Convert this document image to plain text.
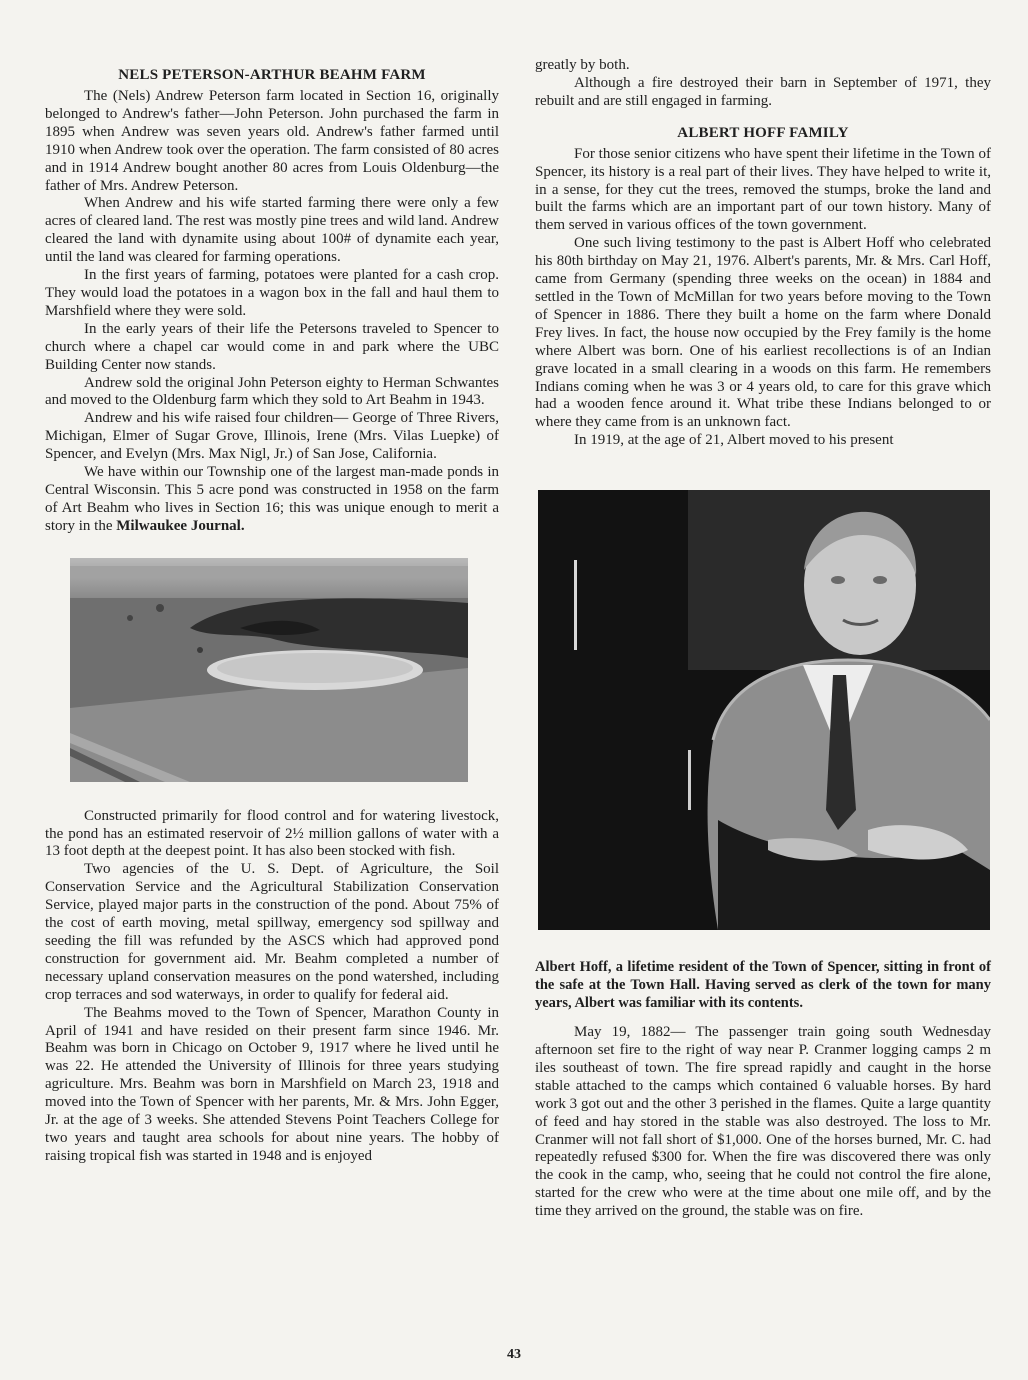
NELS PETERSON-ARTHUR BEAHM FARM

The (Nels) Andrew Peterson farm located in Section 16, originally belonged to Andrew's father—John Peterson. John purchased the farm in 1895 when Andrew was seven years old. Andrew's father farmed until 1910 when Andrew took over the operation. The farm consisted of 80 acres and in 1914 Andrew bought another 80 acres from Louis Oldenburg—the father of Mrs. Andrew Peterson.

When Andrew and his wife started farming there were only a few acres of cleared land. The rest was mostly pine trees and wild land. Andrew cleared the land with dynamite using about 100# of dynamite each year, until the land was cleared for farming operations.

In the first years of farming, potatoes were planted for a cash crop. They would load the potatoes in a wagon box in the fall and haul them to Marshfield where they were sold.

In the early years of their life the Petersons traveled to Spencer to church where a chapel car would come in and park where the UBC Building Center now stands.

Andrew sold the original John Peterson eighty to Herman Schwantes and moved to the Oldenburg farm which they sold to Art Beahm in 1943.

Andrew and his wife raised four children— George of Three Rivers, Michigan, Elmer of Sugar Grove, Illinois, Irene (Mrs. Vilas Luepke) of Spencer, and Evelyn (Mrs. Max Nigl, Jr.) of San Jose, California.

We have within our Township one of the largest man-made ponds in Central Wisconsin. This 5 acre pond was constructed in 1958 on the farm of Art Beahm who lives in Section 16; this was unique enough to merit a story in the Milwaukee Journal.

Constructed primarily for flood control and for watering livestock, the pond has an estimated reservoir of 2½ million gallons of water with a 13 foot depth at the deepest point. It has also been stocked with fish.

Two agencies of the U. S. Dept. of Agriculture, the Soil Conservation Service and the Agricultural Stabilization Conservation Service, played major parts in the construction of the pond. About 75% of the cost of earth moving, metal spillway, emergency sod spillway and seeding the fill was refunded by the ASCS which had approved pond construction for government aid. Mr. Beahm completed a number of necessary upland conservation measures on the pond watershed, including crop terraces and sod waterways, in order to qualify for federal aid.

The Beahms moved to the Town of Spencer, Marathon County in April of 1941 and have resided on their present farm since 1946. Mr. Beahm was born in Chicago on October 9, 1917 where he lived until he was 22. He attended the University of Illinois for three years studying agriculture. Mrs. Beahm was born in Marshfield on March 23, 1918 and moved into the Town of Spencer with her parents, Mr. & Mrs. John Egger, Jr. at the age of 3 weeks. She attended Stevens Point Teachers College for two years and taught area schools for about nine years. The hobby of raising tropical fish was started in 1948 and is enjoyed

greatly by both.

Although a fire destroyed their barn in September of 1971, they rebuilt and are still engaged in farming.

ALBERT HOFF FAMILY

For those senior citizens who have spent their lifetime in the Town of Spencer, its history is a real part of their lives. They have helped to write it, in a sense, for they cut the trees, removed the stumps, broke the land and built the farms which are an important part of our town history. Many of them served in various offices of the town government.

One such living testimony to the past is Albert Hoff who celebrated his 80th birthday on May 21, 1976. Albert's parents, Mr. & Mrs. Carl Hoff, came from Germany (spending three weeks on the ocean) in 1884 and settled in the Town of McMillan for two years before moving to the Town of Spencer in 1886. There they built a home on the farm where Donald Frey lives. In fact, the house now occupied by the Frey family is the home where Albert was born. One of his earliest recollections is of an Indian grave located in a small clearing in a woods on this farm. He remembers Indians coming when he was 3 or 4 years old, to care for this grave which had a wooden fence around it. What tribe these Indians belonged to or where they came from is an unknown fact.

In 1919, at the age of 21, Albert moved to his present

Albert Hoff, a lifetime resident of the Town of Spencer, sitting in front of the safe at the Town Hall. Having served as clerk of the town for many years, Albert was familiar with its contents.

May 19, 1882— The passenger train going south Wednesday afternoon set fire to the right of way near P. Cranmer logging camps 2 m iles southeast of town. The fire spread rapidly and caught in the horse stable attached to the camps which contained 6 valuable horses. By hard work 3 got out and the other 3 perished in the flames. Quite a large quantity of feed and hay stored in the stable was also destroyed. The loss to Mr. Cranmer will not fall short of $1,000. One of the horses burned, Mr. C. had repeatedly refused $300 for. When the fire was discovered there was only the cook in the camp, who, seeing that he could not control the fire alone, started for the crew who were at the time about one mile off, and by the time they arrived on the ground, the stable was on fire.

43
